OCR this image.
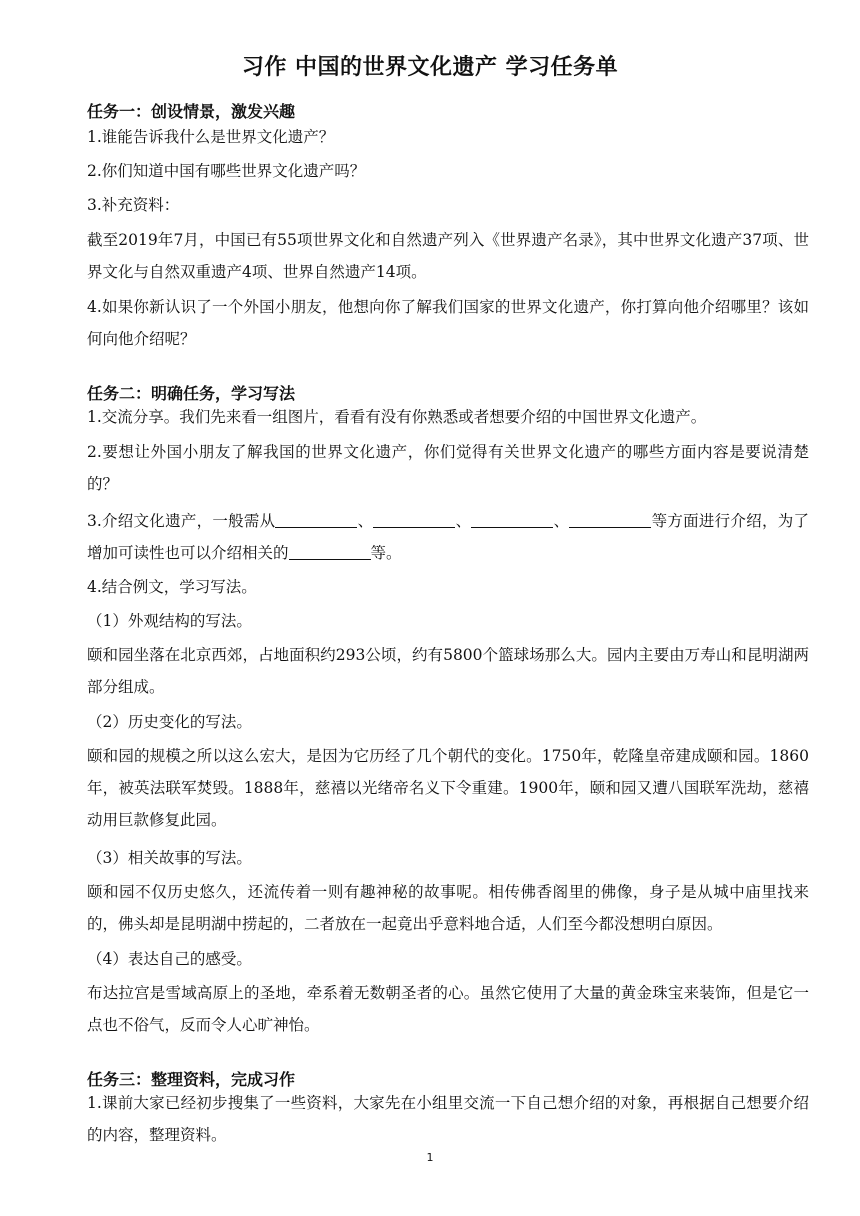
习作 中国的世界文化遗产 学习任务单
任务一：创设情景，激发兴趣

1.谁能告诉我什么是世界文化遗产？

2.你们知道中国有哪些世界文化遗产吗？

3.补充资料：

截至2019年7月，中国已有55项世界文化和自然遗产列入《世界遗产名录》，其中世界文化遗产37项、世界文化与自然双重遗产4项、世界自然遗产14项。

4.如果你新认识了一个外国小朋友，他想向你了解我们国家的世界文化遗产，你打算向他介绍哪里？该如何向他介绍呢？

任务二：明确任务，学习写法

1.交流分享。我们先来看一组图片，看看有没有你熟悉或者想要介绍的中国世界文化遗产。

2.要想让外国小朋友了解我国的世界文化遗产，你们觉得有关世界文化遗产的哪些方面内容是要说清楚的？

3.介绍文化遗产，一般需从	、	、	、	等方面进行介绍，为了增加可读性也可以介绍相关的	等。

4.结合例文，学习写法。

（1）外观结构的写法。

颐和园坐落在北京西郊，占地面积约293公顷，约有5800个篮球场那么大。园内主要由万寿山和昆明湖两部分组成。

（2）历史变化的写法。

颐和园的规模之所以这么宏大，是因为它历经了几个朝代的变化。1750年，乾隆皇帝建成颐和园。1860年，被英法联军焚毁。1888年，慈禧以光绪帝名义下令重建。1900年，颐和园又遭八国联军洗劫，慈禧动用巨款修复此园。

（3）相关故事的写法。

颐和园不仅历史悠久，还流传着一则有趣神秘的故事呢。相传佛香阁里的佛像，身子是从城中庙里找来的，佛头却是昆明湖中捞起的，二者放在一起竟出乎意料地合适，人们至今都没想明白原因。

（4）表达自己的感受。

布达拉宫是雪域高原上的圣地，牵系着无数朝圣者的心。虽然它使用了大量的黄金珠宝来装饰，但是它一点也不俗气，反而令人心旷神怡。

任务三：整理资料，完成习作

1.课前大家已经初步搜集了一些资料，大家先在小组里交流一下自己想介绍的对象，再根据自己想要介绍的内容，整理资料。

1
